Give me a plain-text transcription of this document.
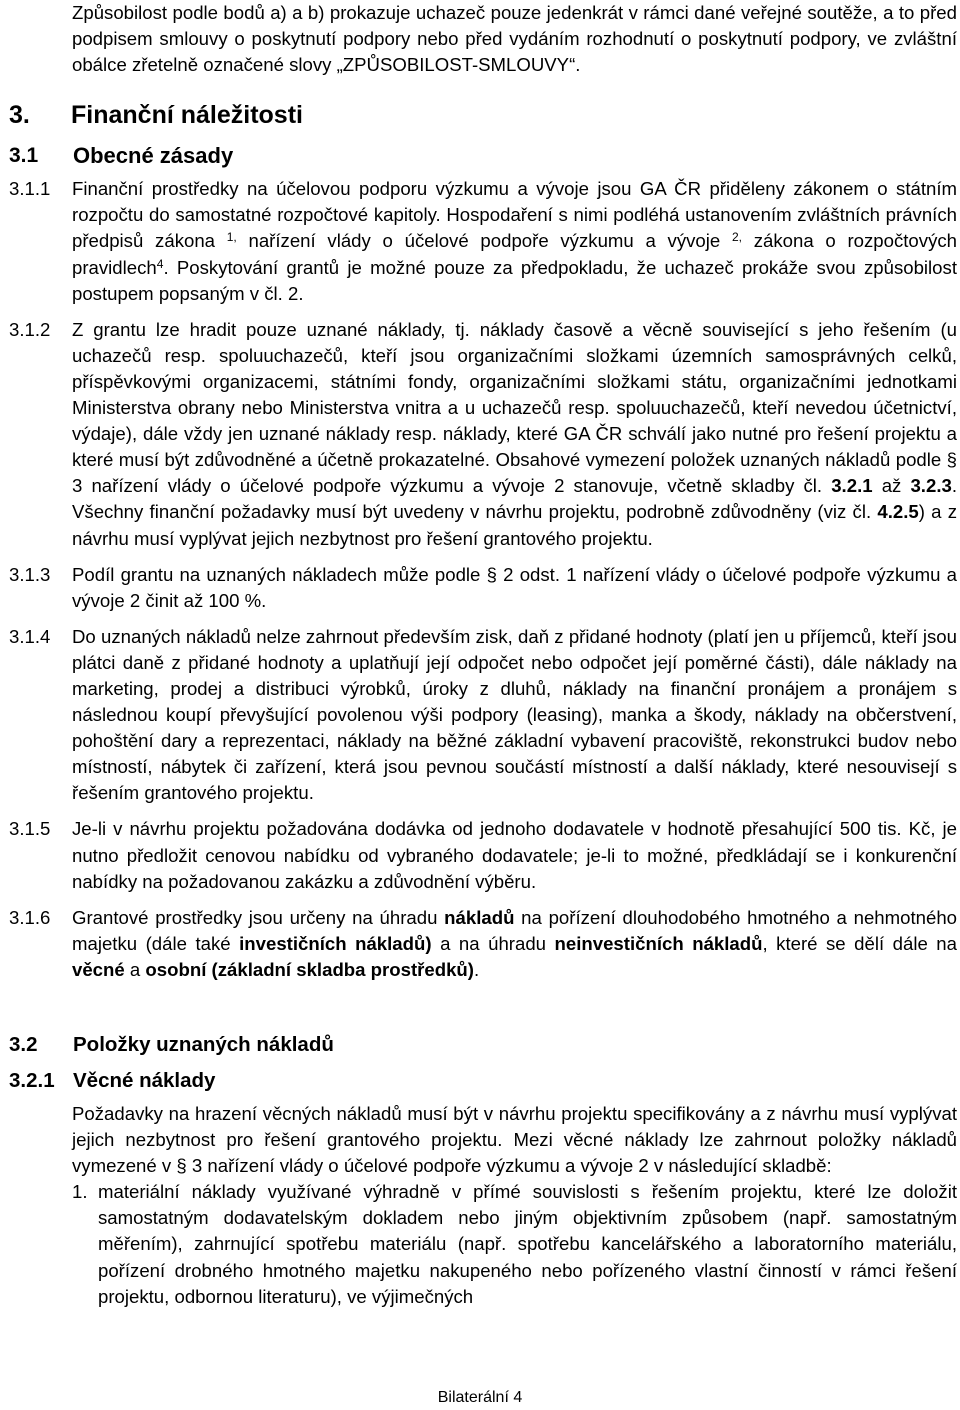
Způsobilost podle bodů a) a b) prokazuje uchazeč pouze jedenkrát v rámci dané veřejné soutěže, a to před podpisem smlouvy o poskytnutí podpory nebo před vydáním rozhodnutí o poskytnutí podpory, ve zvláštní obálce zřetelně označené slovy „ZPŮSOBILOST-SMLOUVY“.

3.	Finanční náležitosti
3.1	Obecné zásady
3.1.1 Finanční prostředky na účelovou podporu výzkumu a vývoje jsou GA ČR přiděleny zákonem o státním rozpočtu do samostatné rozpočtové kapitoly. Hospodaření s nimi podléhá ustanovením zvláštních právních předpisů zákona $^{1,}$ nařízení vlády o účelové podpoře výzkumu a vývoje $^{2,}$ zákona o rozpočtových pravidlech$^4$. Poskytování grantů je možné pouze za předpokladu, že uchazeč prokáže svou způsobilost postupem popsaným v čl. 2.

3.1.2 Z grantu lze hradit pouze uznané náklady, tj. náklady časově a věcně související s jeho řešením (u uchazečů resp. spoluuchazečů, kteří jsou organizačními složkami územních samosprávných celků, příspěvkovými organizacemi, státními fondy, organizačními složkami státu, organizačními jednotkami Ministerstva obrany nebo Ministerstva vnitra a u uchazečů resp. spoluuchazečů, kteří nevedou účetnictví, výdaje), dále vždy jen uznané náklady resp. náklady, které GA ČR schválí jako nutné pro řešení projektu a které musí být zdůvodněné a účetně prokazatelné. Obsahové vymezení položek uznaných nákladů podle § 3 nařízení vlády o účelové podpoře výzkumu a vývoje 2 stanovuje, včetně skladby čl. 3.2.1 až 3.2.3. Všechny finanční požadavky musí být uvedeny v návrhu projektu, podrobně zdůvodněny (viz čl. 4.2.5) a z návrhu musí vyplývat jejich nezbytnost pro řešení grantového projektu.

3.1.3 Podíl grantu na uznaných nákladech může podle § 2 odst. 1 nařízení vlády o účelové podpoře výzkumu a vývoje 2 činit až 100 %.

3.1.4 Do uznaných nákladů nelze zahrnout především zisk, daň z přidané hodnoty (platí jen u příjemců, kteří jsou plátci daně z přidané hodnoty a uplatňují její odpočet nebo odpočet její poměrné části), dále náklady na marketing, prodej a distribuci výrobků, úroky z dluhů, náklady na finanční pronájem a pronájem s následnou koupí převyšující povolenou výši podpory (leasing), manka a škody, náklady na občerstvení, pohoštění dary a reprezentaci, náklady na běžné základní vybavení pracoviště, rekonstrukci budov nebo místností, nábytek či zařízení, která jsou pevnou součástí místností a další náklady, které nesouvisejí s řešením grantového projektu.

3.1.5 Je-li v návrhu projektu požadována dodávka od jednoho dodavatele v hodnotě přesahující 500 tis. Kč, je nutno předložit cenovou nabídku od vybraného dodavatele; je-li to možné, předkládají se i konkurenční nabídky na požadovanou zakázku a zdůvodnění výběru.

3.1.6 Grantové prostředky jsou určeny na úhradu nákladů na pořízení dlouhodobého hmotného a nehmotného majetku (dále také investičních nákladů) a na úhradu neinvestičních nákladů, které se dělí dále na věcné a osobní (základní skladba prostředků).

3.2	Položky uznaných nákladů
3.2.1 Věcné náklady

Požadavky na hrazení věcných nákladů musí být v návrhu projektu specifikovány a z návrhu musí vyplývat jejich nezbytnost pro řešení grantového projektu. Mezi věcné náklady lze zahrnout položky nákladů vymezené v § 3 nařízení vlády o účelové podpoře výzkumu a vývoje 2 v následující skladbě:

1. materiální náklady využívané výhradně v přímé souvislosti s řešením projektu, které lze doložit samostatným dodavatelským dokladem nebo jiným objektivním způsobem (např. samostatným měřením), zahrnující spotřebu materiálu (např. spotřebu kancelářského a laboratorního materiálu, pořízení drobného hmotného majetku nakupeného nebo pořízeného vlastní činností v rámci řešení projektu, odbornou literaturu), ve výjimečných

Bilaterální 4
